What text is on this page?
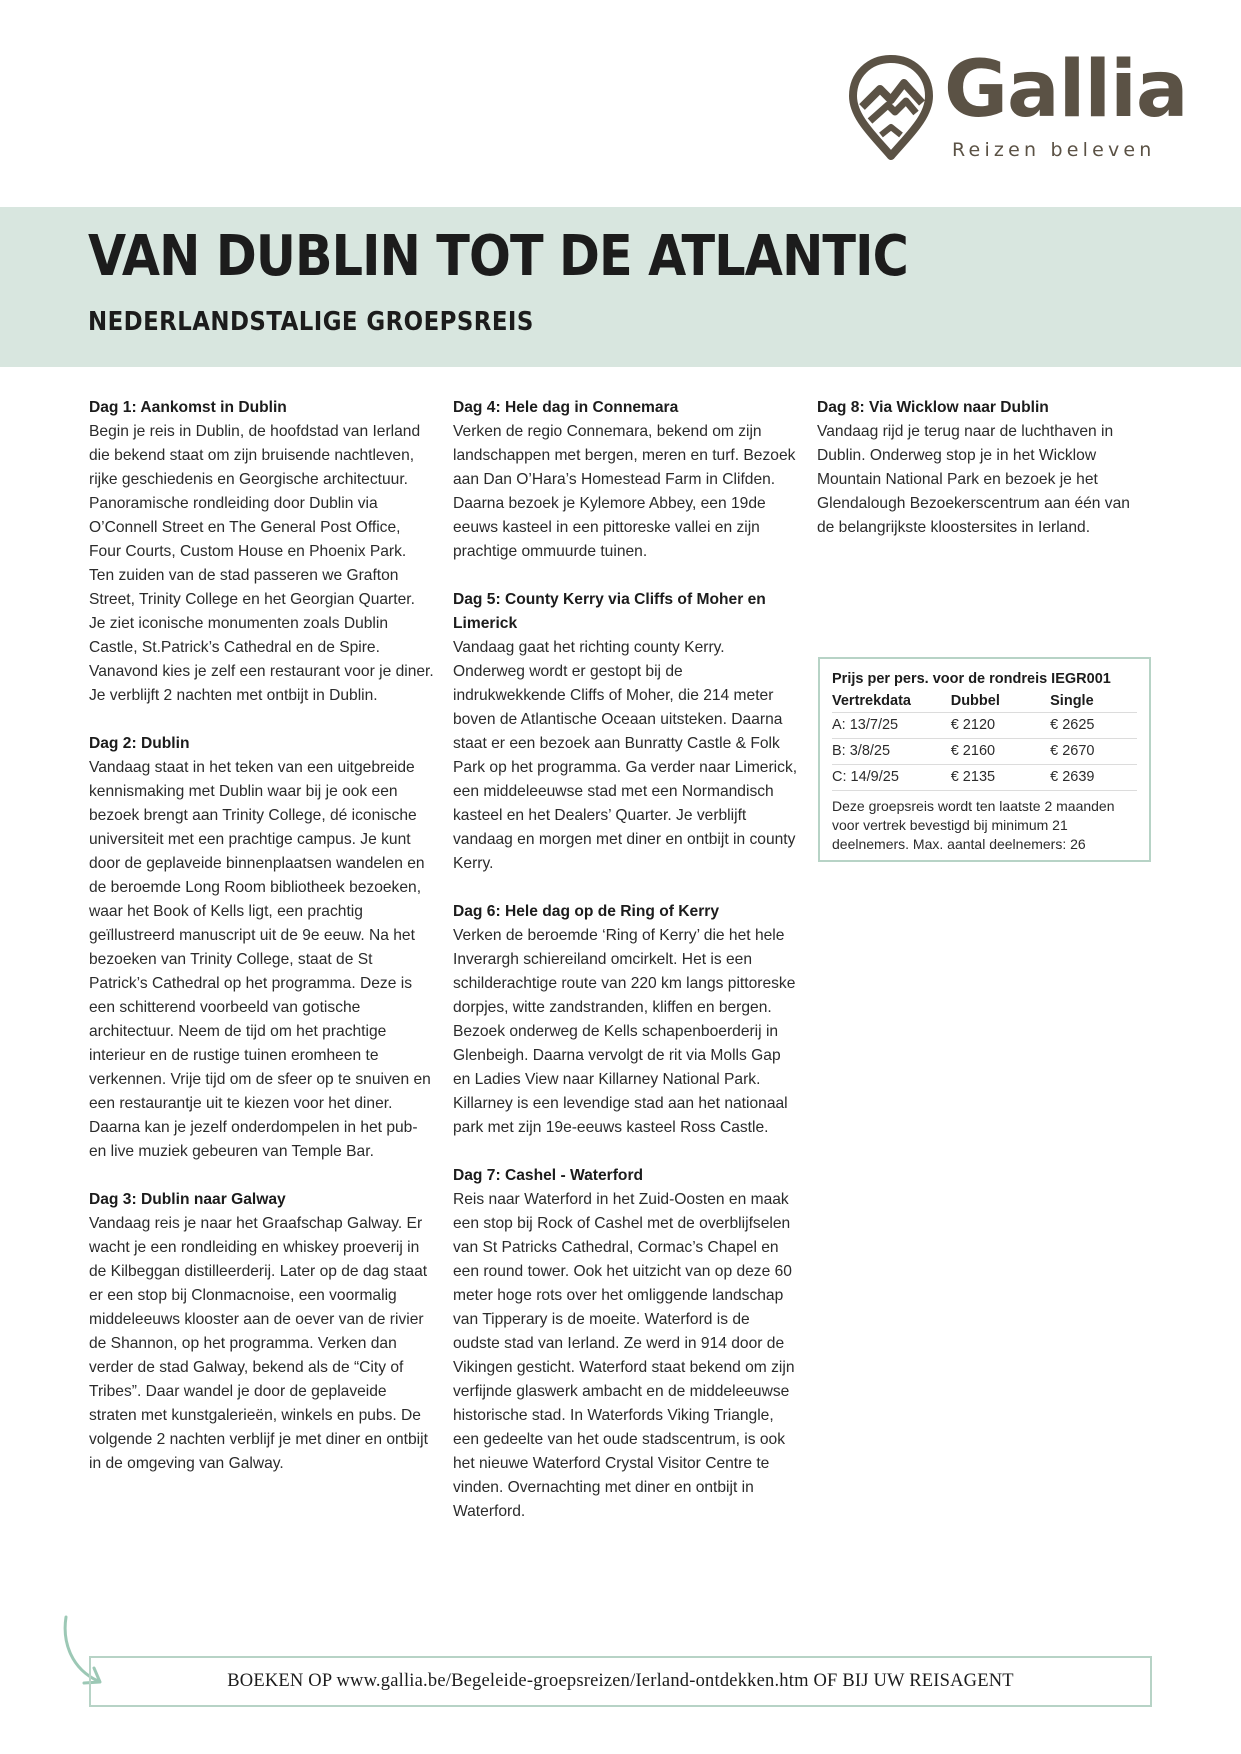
Gallia
Reizen beleven
VAN DUBLIN TOT DE ATLANTIC
NEDERLANDSTALIGE GROEPSREIS
Dag 1: Aankomst in Dublin

Begin je reis in Dublin, de hoofdstad van Ierland die bekend staat om zijn bruisende nachtleven, rijke geschiedenis en Georgische architectuur. Panoramische rondleiding door Dublin via O’Connell Street en The General Post Office, Four Courts, Custom House en Phoenix Park. Ten zuiden van de stad passeren we Grafton Street, Trinity College en het Georgian Quarter. Je ziet iconische monumenten zoals Dublin Castle, St.Patrick’s Cathedral en de Spire. Vanavond kies je zelf een restaurant voor je diner. Je verblijft 2 nachten met ontbijt in Dublin.

Dag 2: Dublin

Vandaag staat in het teken van een uitgebreide kennismaking met Dublin waar bij je ook een bezoek brengt aan Trinity College, dé iconische universiteit met een prachtige campus. Je kunt door de geplaveide binnenplaatsen wandelen en de beroemde Long Room bibliotheek bezoeken, waar het Book of Kells ligt, een prachtig geïllustreerd manuscript uit de 9e eeuw. Na het bezoeken van Trinity College, staat de St Patrick’s Cathedral op het programma. Deze is een schitterend voorbeeld van gotische architectuur. Neem de tijd om het prachtige interieur en de rustige tuinen eromheen te verkennen. Vrije tijd om de sfeer op te snuiven en een restaurantje uit te kiezen voor het diner. Daarna kan je jezelf onderdompelen in het pub- en live muziek gebeuren van Temple Bar.

Dag 3: Dublin naar Galway

Vandaag reis je naar het Graafschap Galway. Er wacht je een rondleiding en whiskey proeverij in de Kilbeggan distilleerderij. Later op de dag staat er een stop bij Clonmacnoise, een voormalig middeleeuws klooster aan de oever van de rivier de Shannon, op het programma. Verken dan verder de stad Galway, bekend als de “City of Tribes”. Daar wandel je door de geplaveide straten met kunstgalerieën, winkels en pubs. De volgende 2 nachten verblijf je met diner en ontbijt in de omgeving van Galway.

Dag 4: Hele dag in Connemara

Verken de regio Connemara, bekend om zijn landschappen met bergen, meren en turf. Bezoek aan Dan O’Hara’s Homestead Farm in Clifden. Daarna bezoek je Kylemore Abbey, een 19de eeuws kasteel in een pittoreske vallei en zijn prachtige ommuurde tuinen.

Dag 5: County Kerry via Cliffs of Moher en Limerick

Vandaag gaat het richting county Kerry. Onderweg wordt er gestopt bij de indrukwekkende Cliffs of Moher, die 214 meter boven de Atlantische Oceaan uitsteken. Daarna staat er een bezoek aan Bunratty Castle & Folk Park op het programma. Ga verder naar Limerick, een middeleeuwse stad met een Normandisch kasteel en het Dealers’ Quarter. Je verblijft vandaag en morgen met diner en ontbijt in county Kerry.

Dag 6: Hele dag op de Ring of Kerry

Verken de beroemde ‘Ring of Kerry’ die het hele Inverargh schiereiland omcirkelt. Het is een schilderachtige route van 220 km langs pittoreske dorpjes, witte zandstranden, kliffen en bergen. Bezoek onderweg de Kells schapenboerderij in Glenbeigh. Daarna vervolgt de rit via Molls Gap en Ladies View naar Killarney National Park. Killarney is een levendige stad aan het nationaal park met zijn 19e-eeuws kasteel Ross Castle.

Dag 7: Cashel - Waterford

Reis naar Waterford in het Zuid-Oosten en maak een stop bij Rock of Cashel met de overblijfselen van St Patricks Cathedral, Cormac’s Chapel en een round tower. Ook het uitzicht van op deze 60 meter hoge rots over het omliggende landschap van Tipperary is de moeite. Waterford is de oudste stad van Ierland. Ze werd in 914 door de Vikingen gesticht. Waterford staat bekend om zijn verfijnde glaswerk ambacht en de middeleeuwse historische stad. In Waterfords Viking Triangle, een gedeelte van het oude stadscentrum, is ook het nieuwe Waterford Crystal Visitor Centre te vinden. Overnachting met diner en ontbijt in Waterford.

Dag 8: Via Wicklow naar Dublin

Vandaag rijd je terug naar de luchthaven in Dublin. Onderweg stop je in het Wicklow Mountain National Park en bezoek je het Glendalough Bezoekerscentrum aan één van de belangrijkste kloostersites in Ierland.

Prijs per pers. voor de rondreis IEGR001
Vertrekdata	Dubbel	Single
A: 13/7/25	€ 2120	€ 2625
B: 3/8/25	€ 2160	€ 2670
C: 14/9/25	€ 2135	€ 2639
Deze groepsreis wordt ten laatste 2 maanden voor vertrek bevestigd bij minimum 21 deelnemers. Max. aantal deelnemers: 26
BOEKEN OP www.gallia.be/Begeleide-groepsreizen/Ierland-ontdekken.htm OF BIJ UW REISAGENT
